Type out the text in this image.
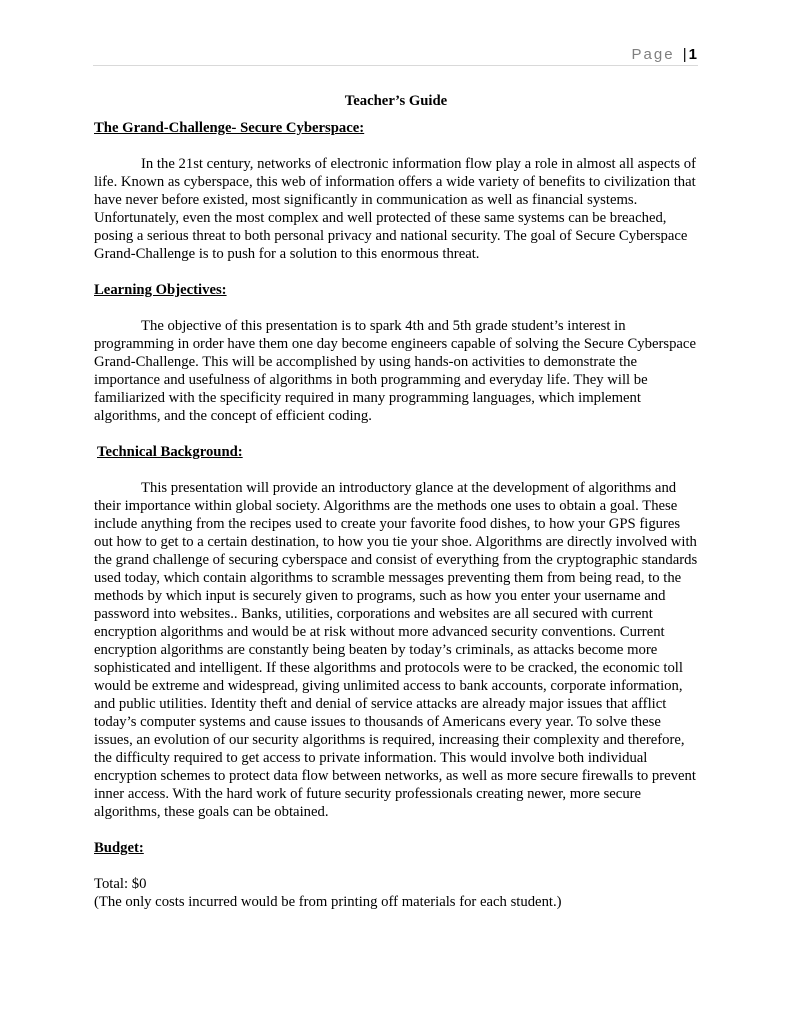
Page | 1
Teacher’s Guide
The Grand-Challenge- Secure Cyberspace:

In the 21st century, networks of electronic information flow play a role in almost all aspects of life. Known as cyberspace, this web of information offers a wide variety of benefits to civilization that have never before existed, most significantly in communication as well as financial systems. Unfortunately, even the most complex and well protected of these same systems can be breached, posing a serious threat to both personal privacy and national security. The goal of Secure Cyberspace Grand-Challenge is to push for a solution to this enormous threat.

Learning Objectives:

The objective of this presentation is to spark 4th and 5th grade student’s interest in programming in order have them one day become engineers capable of solving the Secure Cyberspace Grand-Challenge. This will be accomplished by using hands-on activities to demonstrate the importance and usefulness of algorithms in both programming and everyday life. They will be familiarized with the specificity required in many programming languages, which implement algorithms, and the concept of efficient coding.

Technical Background:

This presentation will provide an introductory glance at the development of algorithms and their importance within global society. Algorithms are the methods one uses to obtain a goal. These include anything from the recipes used to create your favorite food dishes, to how your GPS figures out how to get to a certain destination, to how you tie your shoe. Algorithms are directly involved with the grand challenge of securing cyberspace and consist of everything from the cryptographic standards used today, which contain algorithms to scramble messages preventing them from being read, to the methods by which input is securely given to programs, such as how you enter your username and password into websites.. Banks, utilities, corporations and websites are all secured with current encryption algorithms and would be at risk without more advanced security conventions. Current encryption algorithms are constantly being beaten by today’s criminals, as attacks become more sophisticated and intelligent. If these algorithms and protocols were to be cracked, the economic toll would be extreme and widespread, giving unlimited access to bank accounts, corporate information, and public utilities. Identity theft and denial of service attacks are already major issues that afflict today’s computer systems and cause issues to thousands of Americans every year. To solve these issues, an evolution of our security algorithms is required, increasing their complexity and therefore, the difficulty required to get access to private information. This would involve both individual encryption schemes to protect data flow between networks, as well as more secure firewalls to prevent inner access. With the hard work of future security professionals creating newer, more secure algorithms, these goals can be obtained.

Budget:

Total: $0

(The only costs incurred would be from printing off materials for each student.)
